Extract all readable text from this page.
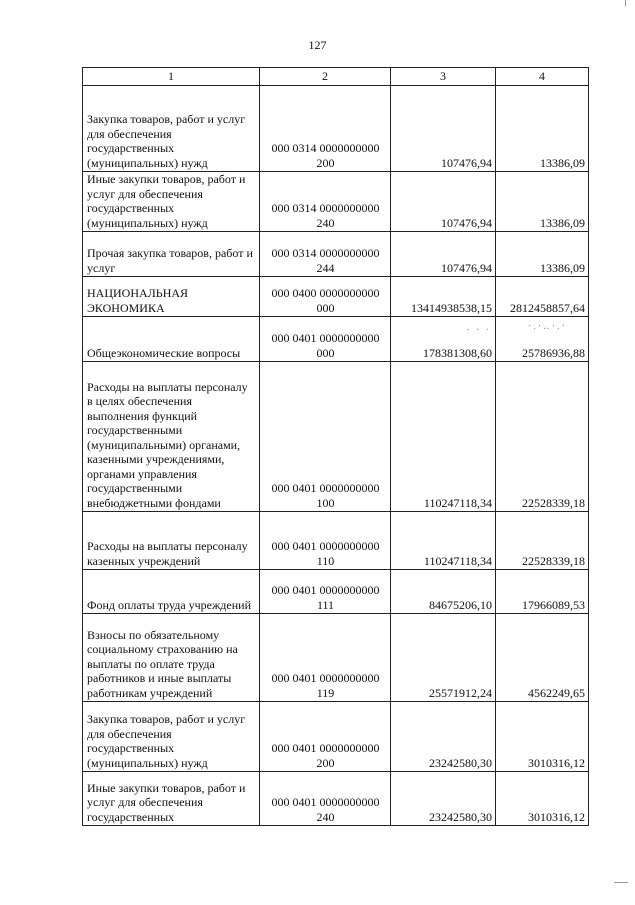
127
1	2	3	4
Закупка товаров, работ и услуг для обеспечения государственных (муниципальных) нужд	000 0314 0000000000 200	107476,94	13386,09
Иные закупки товаров, работ и услуг для обеспечения государственных (муниципальных) нужд	000 0314 0000000000 240	107476,94	13386,09
Прочая закупка товаров, работ и услуг	000 0314 0000000000 244	107476,94	13386,09
НАЦИОНАЛЬНАЯ ЭКОНОМИКА	000 0400 0000000000 000	13414938538,15	2812458857,64
Общеэкономические вопросы	000 0401 0000000000 000	178381308,60	25786936,88
Расходы на выплаты персоналу в целях обеспечения выполнения функций государственными (муниципальными) органами, казенными учреждениями, органами управления государственными внебюджетными фондами	000 0401 0000000000 100	110247118,34	22528339,18
Расходы на выплаты персоналу казенных учреждений	000 0401 0000000000 110	110247118,34	22528339,18
Фонд оплаты труда учреждений	000 0401 0000000000 111	84675206,10	17966089,53
Взносы по обязательному социальному страхованию на выплаты по оплате труда работников и иные выплаты работникам учреждений	000 0401 0000000000 119	25571912,24	4562249,65
Закупка товаров, работ и услуг для обеспечения государственных (муниципальных) нужд	000 0401 0000000000 200	23242580,30	3010316,12
Иные закупки товаров, работ и услуг для обеспечения государственных	000 0401 0000000000 240	23242580,30	3010316,12
· · ·	·.·‥·.·
